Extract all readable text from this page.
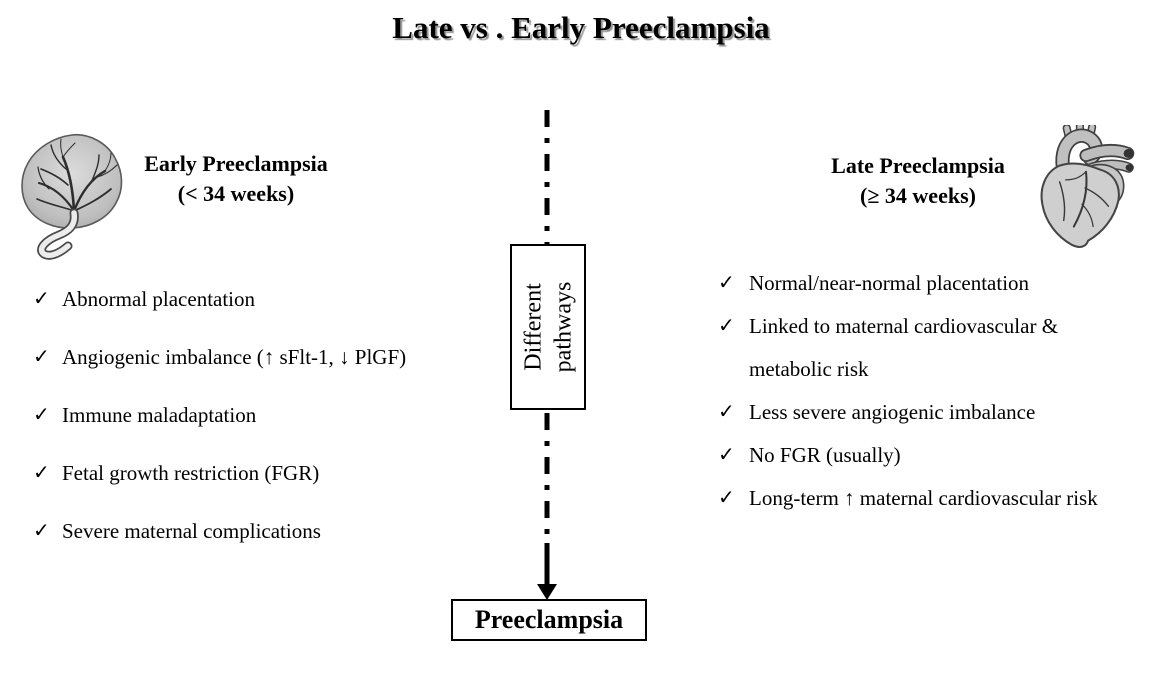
Late vs . Early Preeclampsia
Early Preeclampsia
(< 34 weeks)
Late Preeclampsia
(≥ 34 weeks)
Different pathways
Preeclampsia
✓ Abnormal placentation
✓ Angiogenic imbalance (↑ sFlt-1, ↓ PlGF)
✓ Immune maladaptation
✓ Fetal growth restriction (FGR)
✓ Severe maternal complications
✓ Normal/near-normal placentation
✓ Linked to maternal cardiovascular & metabolic risk
✓ Less severe angiogenic imbalance
✓ No FGR (usually)
✓ Long-term ↑ maternal cardiovascular risk
